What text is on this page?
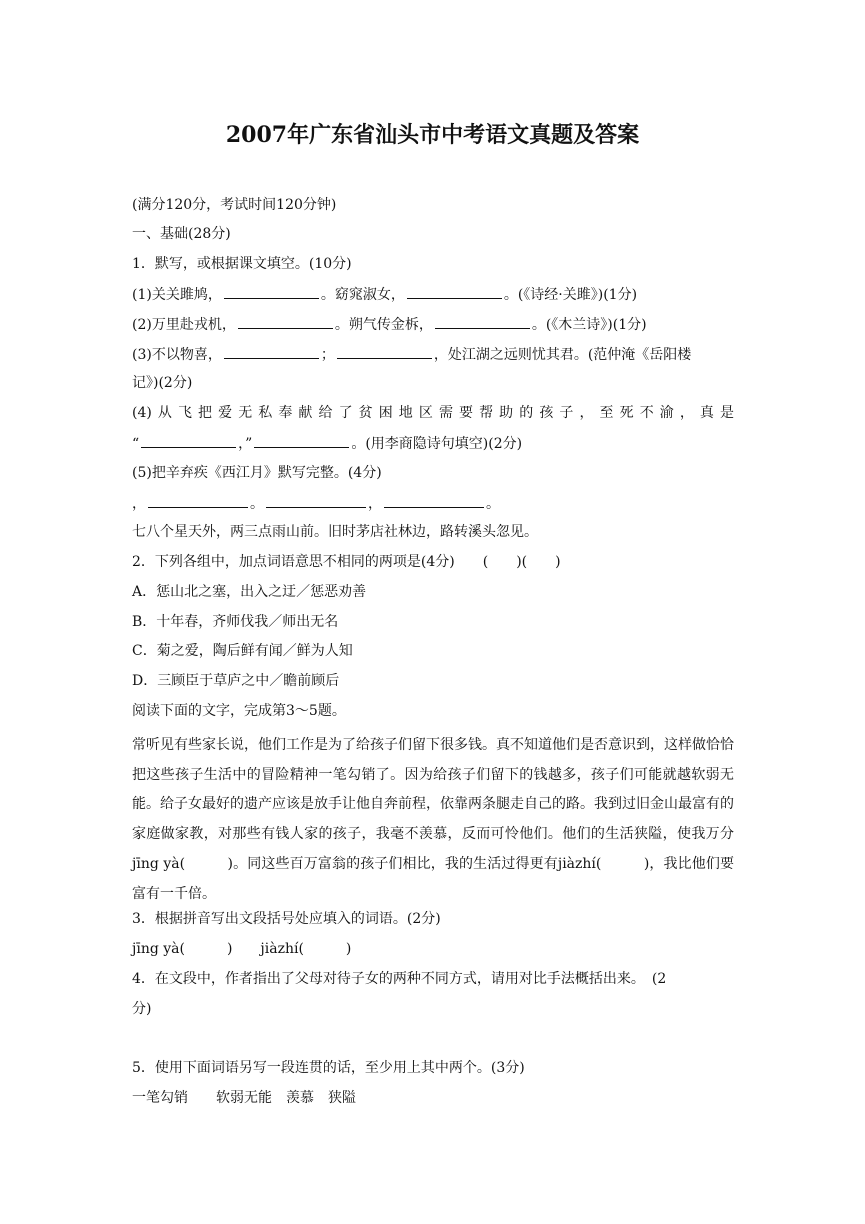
2007年广东省汕头市中考语文真题及答案
(满分120分，考试时间120分钟)
一、基础(28分)
1．默写，或根据课文填空。(10分)
(1)关关雎鸠，	。窈窕淑女，	。(《诗经·关雎》)(1分)
(2)万里赴戎机，	。朔气传金柝，	。(《木兰诗》)(1分)
(3)不以物喜，	；	，处江湖之远则忧其君。(范仲淹《岳阳楼
记》)(2分)
(4)从飞把爱无私奉献给了贫困地区需要帮助的孩子，至死不渝，真是
“	，”	。(用李商隐诗句填空)(2分)
(5)把辛弃疾《西江月》默写完整。(4分)
，	。	，	。
七八个星天外，两三点雨山前。旧时茅店社林边，路转溪头忽见。
2．下列各组中，加点词语意思不相同的两项是(4分)　　(　　)(　　)
A．惩山北之塞，出入之迂／惩恶劝善
B．十年春，齐师伐我／师出无名
C．菊之爱，陶后鲜有闻／鲜为人知
D．三顾臣于草庐之中／瞻前顾后
阅读下面的文字，完成第3～5题。
常听见有些家长说，他们工作是为了给孩子们留下很多钱。真不知道他们是否意识到，这样做恰恰把这些孩子生活中的冒险精神一笔勾销了。因为给孩子们留下的钱越多，孩子们可能就越软弱无能。给子女最好的遗产应该是放手让他自奔前程，依靠两条腿走自己的路。我到过旧金山最富有的家庭做家教，对那些有钱人家的孩子，我毫不羡慕，反而可怜他们。他们的生活狭隘，使我万分jīng yà(　　　)。同这些百万富翁的孩子们相比，我的生活过得更有jiàzhí(　　　)，我比他们要富有一千倍。
3．根据拼音写出文段括号处应填入的词语。(2分)
jīng yà(　　　)　　jiàzhí(　　　)
4．在文段中，作者指出了父母对待子女的两种不同方式，请用对比手法概括出来。　(2
分)
5．使用下面词语另写一段连贯的话，至少用上其中两个。(3分)
一笔勾销　　软弱无能　羡慕　狭隘
